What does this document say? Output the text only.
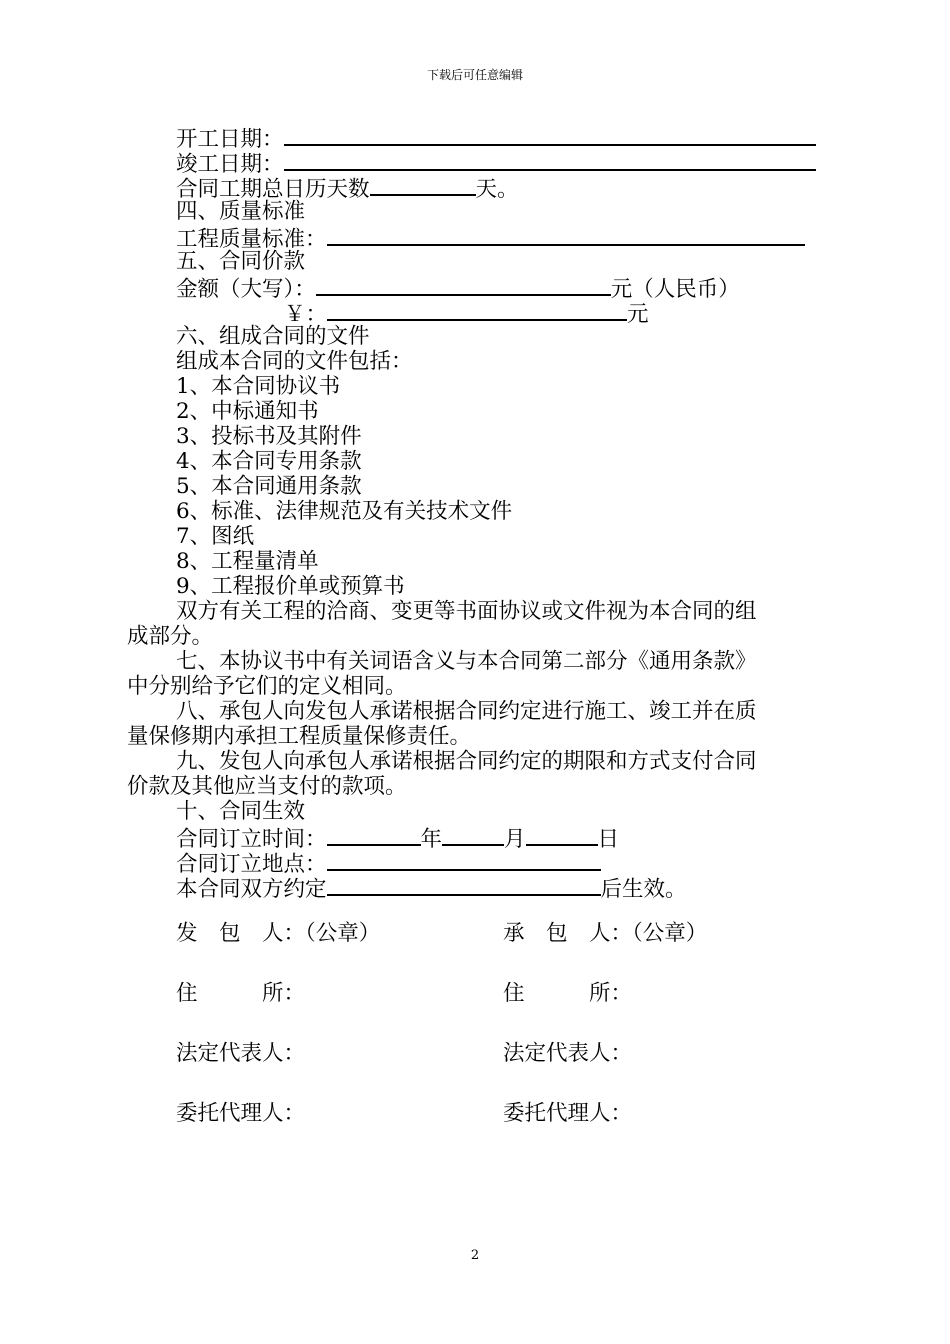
下载后可任意编辑
开工日期：
竣工日期：
合同工期总日历天数	天。
四、质量标准
工程质量标准：
五、合同价款
金额（大写）：	元（人民币）
￥：	元
六、组成合同的文件
组成本合同的文件包括：
1、本合同协议书
2、中标通知书
3、投标书及其附件
4、本合同专用条款
5、本合同通用条款
6、标准、法律规范及有关技术文件
7、图纸
8、工程量清单
9、工程报价单或预算书
双方有关工程的洽商、变更等书面协议或文件视为本合同的组
成部分。
七、本协议书中有关词语含义与本合同第二部分《通用条款》
中分别给予它们的定义相同。
八、承包人向发包人承诺根据合同约定进行施工、竣工并在质
量保修期内承担工程质量保修责任。
九、发包人向承包人承诺根据合同约定的期限和方式支付合同
价款及其他应当支付的款项。
十、合同生效
合同订立时间：	年	月	日
合同订立地点：
本合同双方约定	后生效。
发　包　人：（公章）	承　包　人：（公章）
住　　　所：	住　　　所：
法定代表人：	法定代表人：
委托代理人：	委托代理人：
2
